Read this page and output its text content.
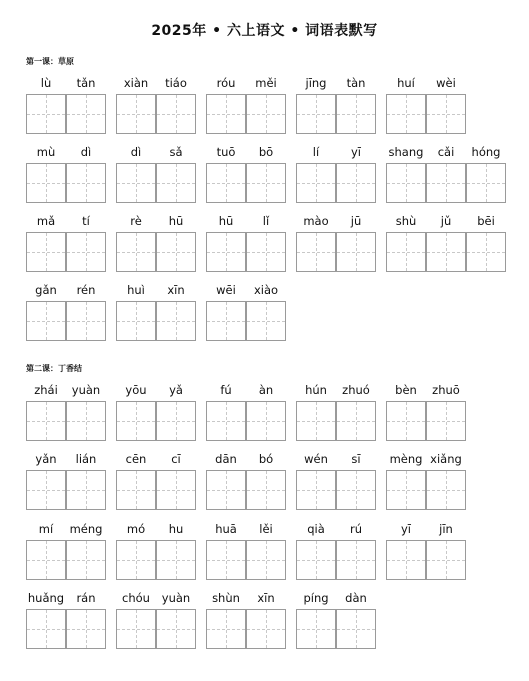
2025年 • 六上语文 • 词语表默写
第一课：草原
lù	tǎn	xiàn	tiáo	róu	měi	jīng	tàn	huí	wèi
mù	dì	dì	sǎ	tuō	bō	lí	yī	shang	cǎi	hóng
mǎ	tí	rè	hū	hū	lǐ	mào	jū	shù	jǔ	bēi
gǎn	rén	huì	xīn	wēi	xiào
第二课：丁香结
zhái	yuàn	yōu	yǎ	fú	àn	hún	zhuó	bèn	zhuō
yǎn	lián	cēn	cī	dān	bó	wén	sī	mèng xiǎng
mí	méng	mó	hu	huā	lěi	qià	rú	yī	jīn
huǎng	rán	chóu	yuàn	shùn	xīn	píng	dàn
